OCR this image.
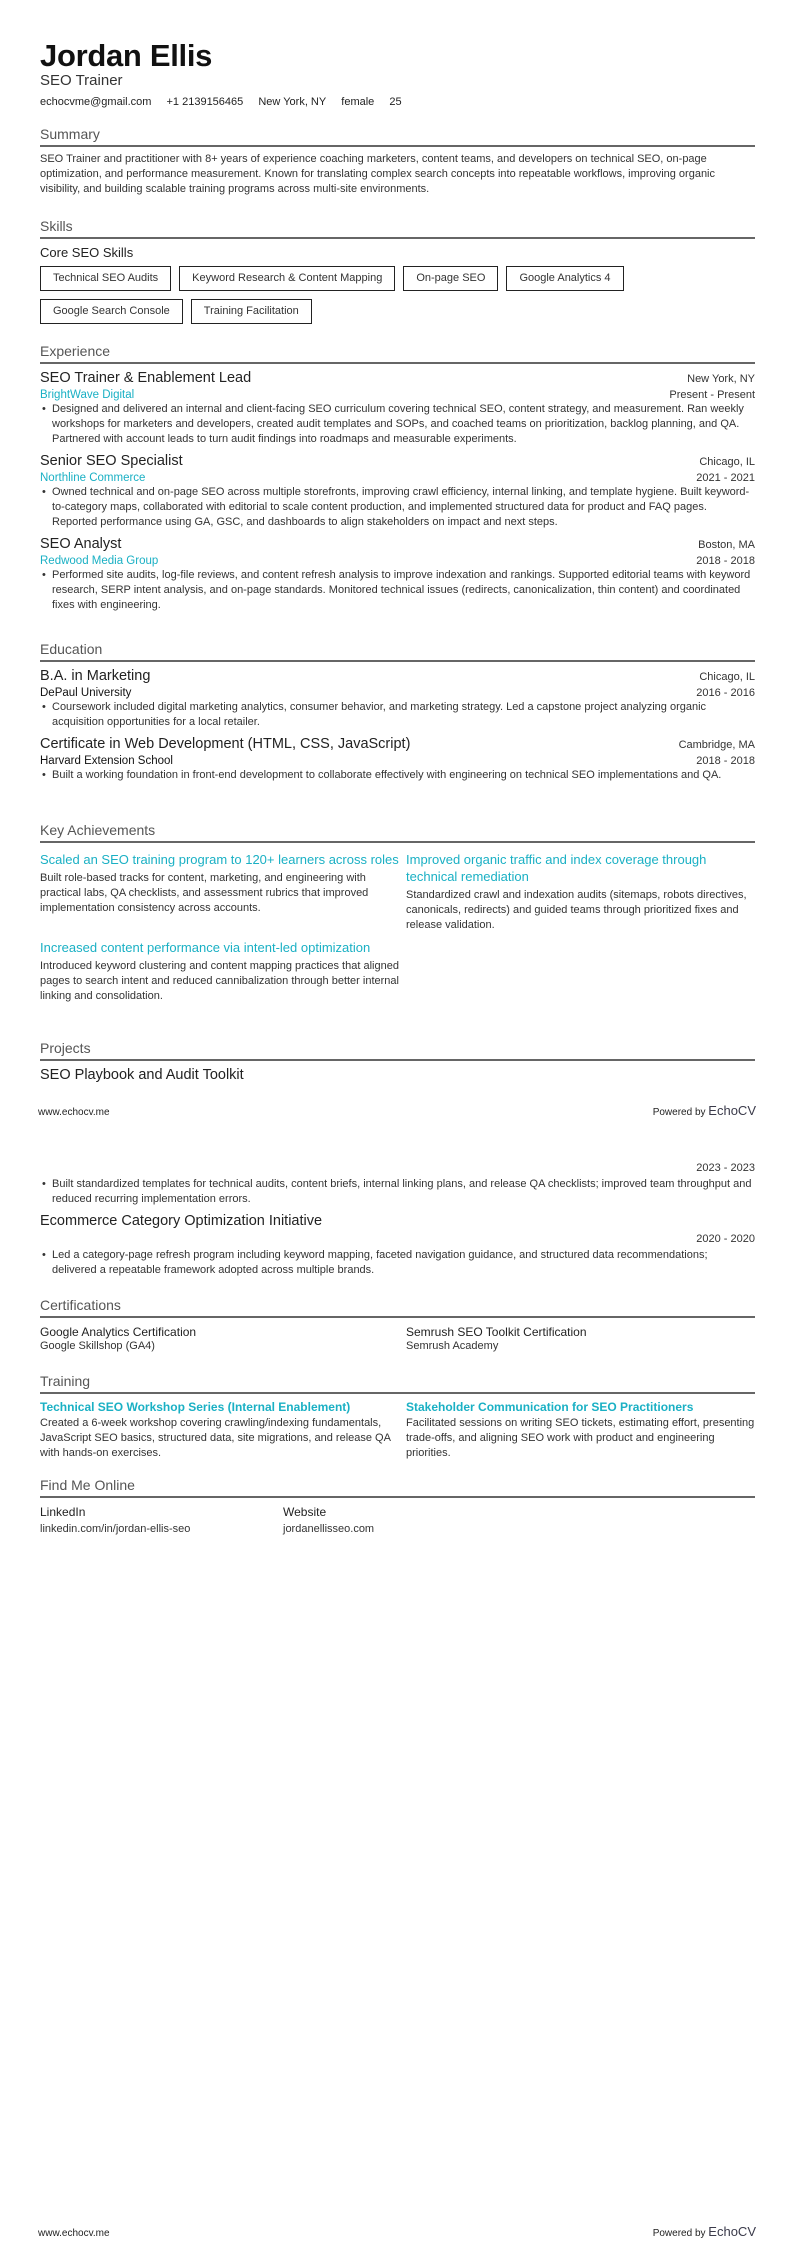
Jordan Ellis
SEO Trainer
echocvme@gmail.com +1 2139156465 New York, NY female 25
Summary
SEO Trainer and practitioner with 8+ years of experience coaching marketers, content teams, and developers on technical SEO, on-page optimization, and performance measurement. Known for translating complex search concepts into repeatable workflows, improving organic visibility, and building scalable training programs across multi-site environments.
Skills
Core SEO Skills
Technical SEO Audits	Keyword Research & Content Mapping	On-page SEO	Google Analytics 4
Google Search Console	Training Facilitation
Experience
SEO Trainer & Enablement Lead	New York, NY
BrightWave Digital	Present - Present
• Designed and delivered an internal and client-facing SEO curriculum covering technical SEO, content strategy, and measurement. Ran weekly workshops for marketers and developers, created audit templates and SOPs, and coached teams on prioritization, backlog planning, and QA. Partnered with account leads to turn audit findings into roadmaps and measurable experiments.
Senior SEO Specialist	Chicago, IL
Northline Commerce	2021 - 2021
• Owned technical and on-page SEO across multiple storefronts, improving crawl efficiency, internal linking, and template hygiene. Built keyword-to-category maps, collaborated with editorial to scale content production, and implemented structured data for product and FAQ pages. Reported performance using GA, GSC, and dashboards to align stakeholders on impact and next steps.
SEO Analyst	Boston, MA
Redwood Media Group	2018 - 2018
• Performed site audits, log-file reviews, and content refresh analysis to improve indexation and rankings. Supported editorial teams with keyword research, SERP intent analysis, and on-page standards. Monitored technical issues (redirects, canonicalization, thin content) and coordinated fixes with engineering.
Education
B.A. in Marketing	Chicago, IL
DePaul University	2016 - 2016
• Coursework included digital marketing analytics, consumer behavior, and marketing strategy. Led a capstone project analyzing organic acquisition opportunities for a local retailer.
Certificate in Web Development (HTML, CSS, JavaScript)	Cambridge, MA
Harvard Extension School	2018 - 2018
• Built a working foundation in front-end development to collaborate effectively with engineering on technical SEO implementations and QA.
Key Achievements
Scaled an SEO training program to 120+ learners across roles
Built role-based tracks for content, marketing, and engineering with practical labs, QA checklists, and assessment rubrics that improved implementation consistency across accounts.
Improved organic traffic and index coverage through technical remediation
Standardized crawl and indexation audits (sitemaps, robots directives, canonicals, redirects) and guided teams through prioritized fixes and release validation.
Increased content performance via intent-led optimization
Introduced keyword clustering and content mapping practices that aligned pages to search intent and reduced cannibalization through better internal linking and consolidation.
Projects
SEO Playbook and Audit Toolkit
www.echocv.me	Powered by EchoCV
2023 - 2023
• Built standardized templates for technical audits, content briefs, internal linking plans, and release QA checklists; improved team throughput and reduced recurring implementation errors.
Ecommerce Category Optimization Initiative
2020 - 2020
• Led a category-page refresh program including keyword mapping, faceted navigation guidance, and structured data recommendations; delivered a repeatable framework adopted across multiple brands.
Certifications
Google Analytics Certification
Google Skillshop (GA4)
Semrush SEO Toolkit Certification
Semrush Academy
Training
Technical SEO Workshop Series (Internal Enablement)
Created a 6-week workshop covering crawling/indexing fundamentals, JavaScript SEO basics, structured data, site migrations, and release QA with hands-on exercises.
Stakeholder Communication for SEO Practitioners
Facilitated sessions on writing SEO tickets, estimating effort, presenting trade-offs, and aligning SEO work with product and engineering priorities.
Find Me Online
LinkedIn
linkedin.com/in/jordan-ellis-seo
Website
jordanellisseo.com
www.echocv.me	Powered by EchoCV
